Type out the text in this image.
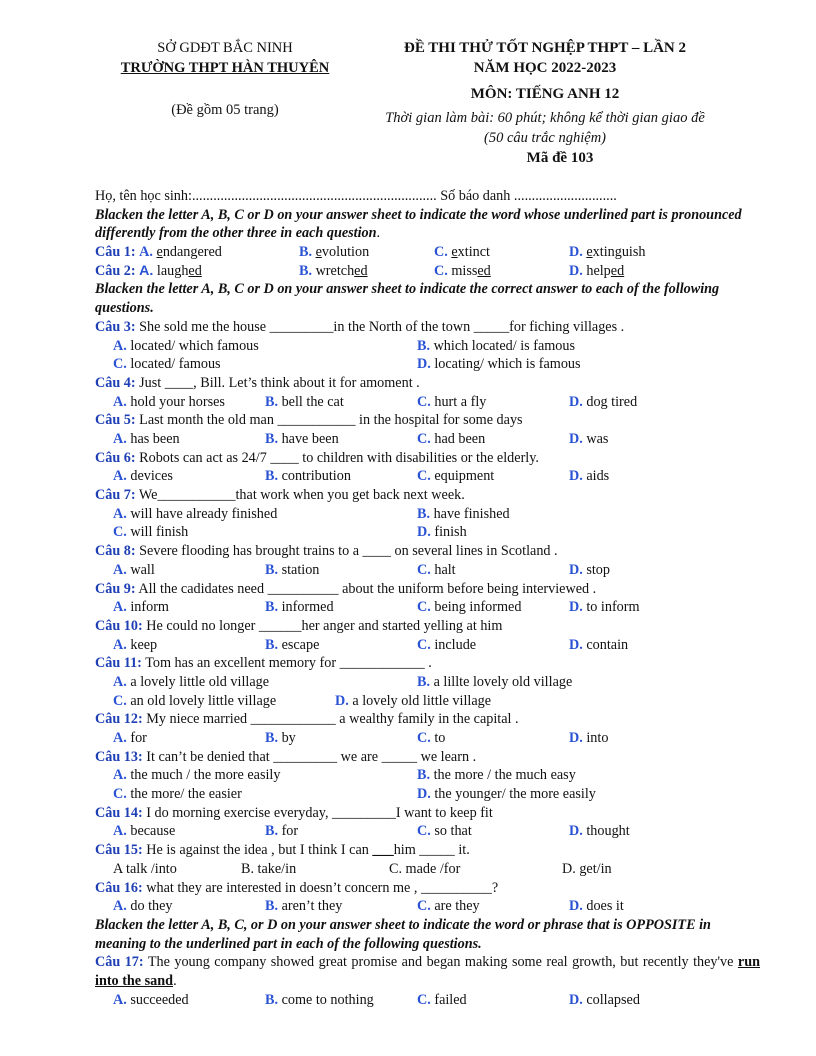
SỞ GDĐT BẮC NINH
TRƯỜNG THPT HÀN THUYÊN
(Đề gồm 05 trang)
ĐỀ THI THỬ TỐT NGHỆP THPT – LẦN 2
NĂM HỌC 2022-2023
MÔN: TIẾNG ANH 12
Thời gian làm bài: 60 phút; không kể thời gian giao đề
(50 câu trắc nghiệm)
Mã đề 103
Họ, tên học sinh:..................................................................... Số báo danh .............................
Blacken the letter A, B, C or D on your answer sheet to indicate the word whose underlined part is pronounced differently from the other three in each question.
Câu 1: A. endangered	B. evolution	C. extinct	D. extinguish
Câu 2: A. laughed	B. wretched	C. missed	D. helped
Blacken the letter A, B, C or D on your answer sheet to indicate the correct answer to each of the following questions.
Câu 3: She sold me the house _________in the North of the town _____for fiching villages .
A. located/ which famous	B. which located/ is famous
C. located/ famous	D. locating/ which is famous
Câu 4: Just ____, Bill. Let’s think about it for amoment .
A. hold your horses	B. bell the cat	C. hurt a fly	D. dog tired
Câu 5: Last month the old man ___________ in the hospital for some days
A. has been	B. have been	C. had been	D. was
Câu 6: Robots can act as 24/7 ____ to children with disabilities or the elderly.
A. devices	B. contribution	C. equipment	D. aids
Câu 7: We___________that work when you get back next week.
A. will have already finished	B. have finished
C. will finish	D. finish
Câu 8: Severe flooding has brought trains to a ____ on several lines in Scotland .
A. wall	B. station	C. halt	D. stop
Câu 9: All the cadidates need __________ about the uniform before being interviewed .
A. inform	B. informed	C. being informed	D. to inform
Câu 10: He could no longer ______her anger and started yelling at him
A. keep	B. escape	C. include	D. contain
Câu 11: Tom has an excellent memory for ____________ .
A. a lovely little old village	B. a lillte lovely old village
C. an old lovely little village	D. a lovely old little village
Câu 12: My niece married ____________ a wealthy family in the capital .
A. for	B. by	C. to	D. into
Câu 13: It can’t be denied that _________ we are _____ we learn .
A. the much / the more easily	B. the more / the much easy
C. the more/ the easier	D. the younger/ the more easily
Câu 14: I do morning exercise everyday, _________I want to keep fit
A. because	B. for	C. so that	D. thought
Câu 15: He is against the idea , but I think I can ___him _____ it.
A talk /into	B. take/in	C. made /for	D. get/in
Câu 16: what they are interested in doesn’t concern me , __________?
A. do they	B. aren’t they	C. are they	D. does it
Blacken the letter A, B, C, or D on your answer sheet to indicate the word or phrase that is OPPOSITE in meaning to the underlined part in each of the following questions.
Câu 17: The young company showed great promise and began making some real growth, but recently they've run into the sand.
A. succeeded	B. come to nothing	C. failed	D. collapsed
